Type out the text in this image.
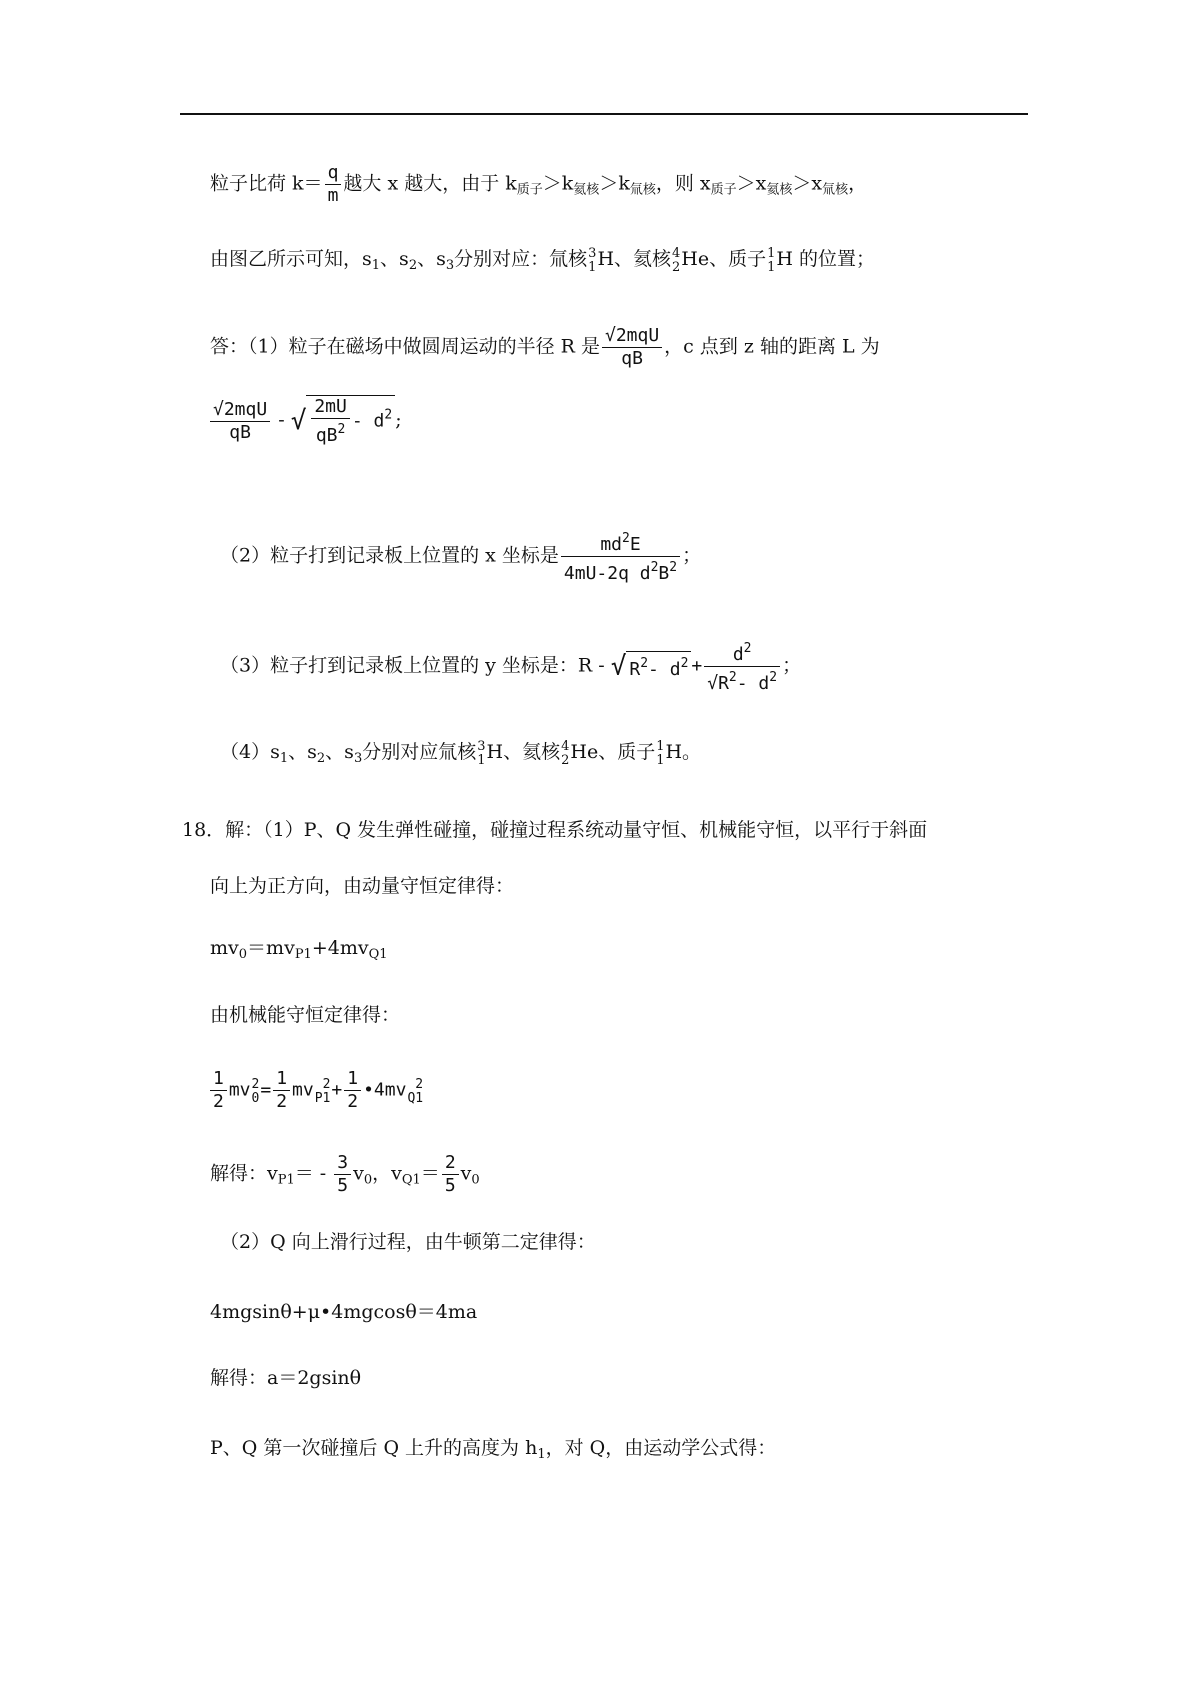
粒子比荷 $k= \frac{q}{m}$ 越大 x 越大，由于 $k_{质子}>k_{氦核}>k_{氚核}$，则 $x_{质子}>x_{氦核}>x_{氚核}$，
由图乙所示可知，$s_1$、$s_2$、$s_3$分别对应：氚核 3
1 H、氦核 4
2 He、质子 1
1 H 的位置；
答：（1）粒子在磁场中做圆周运动的半径 R 是 √2mqU
qB
，c 点到 z 轴的距离 L 为
√2mqU
qB
- √ $\frac{2mU}{qB^2} - d^2$ ;
（2）粒子打到记录板上位置的 x 坐标是 $\frac{md^2E}{4mU-2q d^2B^2}$ ；
（3）粒子打到记录板上位置的 y 坐标是：R - √ $R^2-$ $d^2 + \frac{d^2}{√R^2- d^2}$ ；
$(4)s_1$、$s_2$、$s_3$分别对应氚核 3
1 H、氦核 4
2 He、质子 1
1 H。
18．解：（1）P、Q 发生弹性碰撞，碰撞过程系统动量守恒、机械能守恒，以平行于斜面
向上为正方向，由动量守恒定律得：
$mv_0=mv_{P1}+4mv_{Q1}$
由机械能守恒定律得：
$\frac{1}{2}$ mv 2
$0 = \frac{1}{2}$ mv 2
$P1 + \frac{1}{2}$ •4mv 2
Q1
解得：$v_{P1}= - \frac{3}{5} v_0$，$v_{Q1}= \frac{2}{5} v_0$
（2）Q 向上滑行过程，由牛顿第二定律得：
4mgsinθ+μ•4mgcosθ＝4ma
解得：a＝2gsinθ
P、Q 第一次碰撞后 Q 上升的高度为 $h_1$，对 Q，由运动学公式得：
